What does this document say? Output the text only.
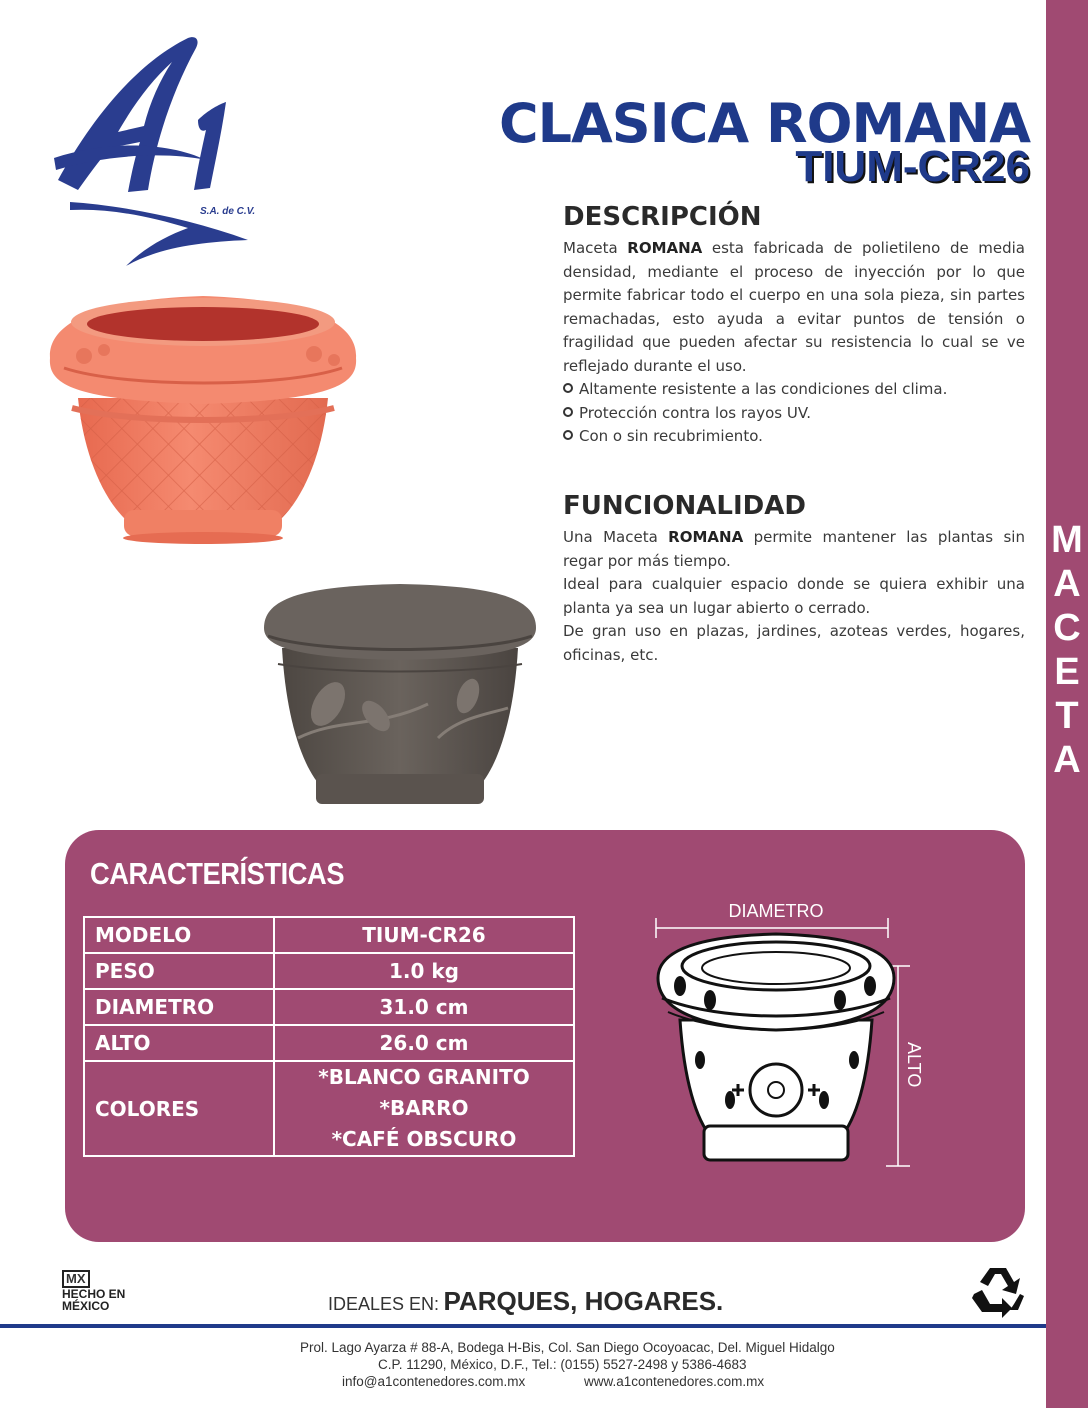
M
A
C
E
T
A
S.A. de C.V.
CLASICA ROMANA
TIUM-CR26
DESCRIPCIÓN
Maceta ROMANA esta fabricada de polietileno de media densidad, mediante el proceso de inyección por lo que permite fabricar todo el cuerpo en una sola pieza, sin partes remachadas, esto ayuda a evitar puntos de tensión o fragilidad que pueden afectar su resistencia lo cual se ve reflejado durante el uso.
Altamente resistente a las condiciones del clima.
Protección contra los rayos UV.
Con o sin recubrimiento.
FUNCIONALIDAD
Una Maceta ROMANA permite mantener las plantas sin regar por más tiempo.
Ideal para cualquier espacio donde se quiera exhibir una planta ya sea un lugar abierto o cerrado.
De gran uso en plazas, jardines, azoteas verdes, hogares, oficinas, etc.
CARACTERÍSTICAS
MODELO	TIUM-CR26
PESO	1.0 kg
DIAMETRO	31.0 cm
ALTO	26.0 cm
COLORES	*BLANCO GRANITO
*BARRO
*CAFÉ OBSCURO
DIAMETRO
ALTO
MX
HECHO EN
MÉXICO	IDEALES EN: PARQUES, HOGARES.
Prol. Lago Ayarza # 88-A, Bodega H-Bis, Col. San Diego Ocoyoacac, Del. Miguel Hidalgo
C.P. 11290, México, D.F., Tel.: (0155) 5527-2498 y 5386-4683
info@a1contenedores.com.mx	www.a1contenedores.com.mx
